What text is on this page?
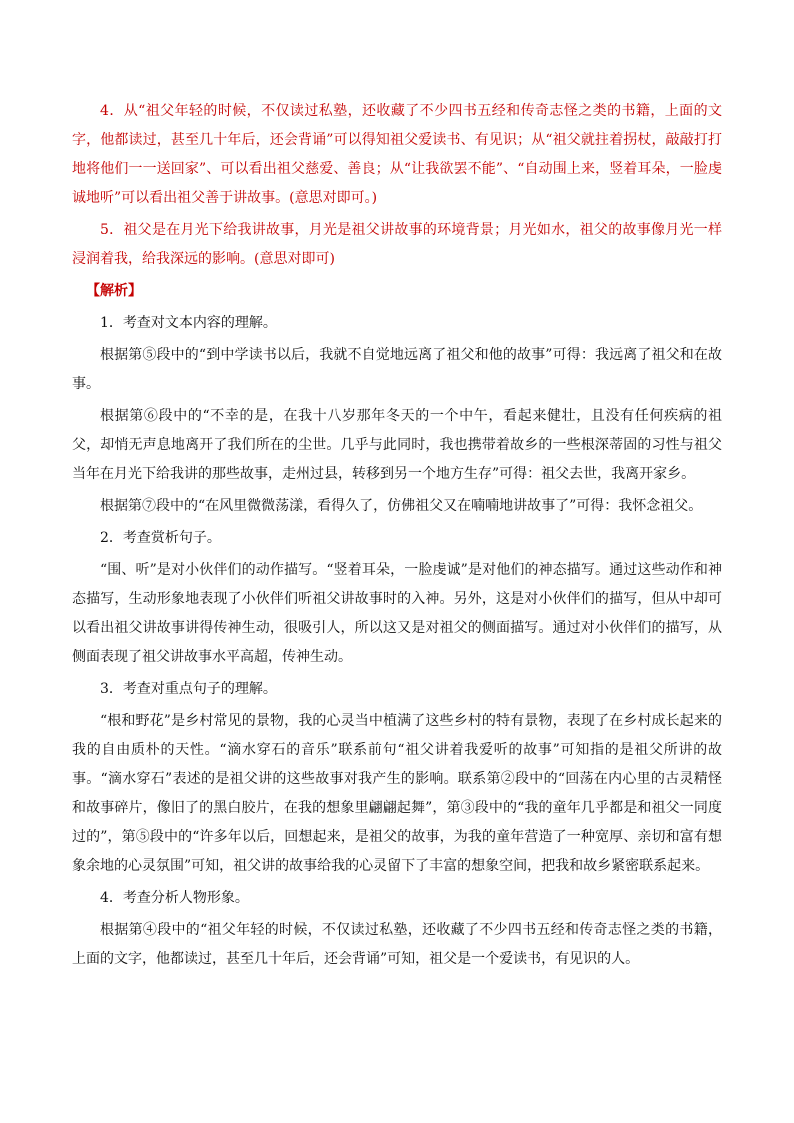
4．从“祖父年轻的时候，不仅读过私塾，还收藏了不少四书五经和传奇志怪之类的书籍，上面的文字，他都读过，甚至几十年后，还会背诵”可以得知祖父爱读书、有见识；从“祖父就拄着拐杖，敲敲打打地将他们一一送回家”、可以看出祖父慈爱、善良；从“让我欲罢不能”、“自动围上来，竖着耳朵，一脸虔诚地听”可以看出祖父善于讲故事。(意思对即可。)

5．祖父是在月光下给我讲故事，月光是祖父讲故事的环境背景；月光如水，祖父的故事像月光一样浸润着我，给我深远的影响。(意思对即可)

【解析】

1．考查对文本内容的理解。

根据第⑤段中的“到中学读书以后，我就不自觉地远离了祖父和他的故事”可得：我远离了祖父和在故事。

根据第⑥段中的“不幸的是，在我十八岁那年冬天的一个中午，看起来健壮，且没有任何疾病的祖父，却悄无声息地离开了我们所在的尘世。几乎与此同时，我也携带着故乡的一些根深蒂固的习性与祖父当年在月光下给我讲的那些故事，走州过县，转移到另一个地方生存”可得：祖父去世，我离开家乡。

根据第⑦段中的“在风里微微荡漾，看得久了，仿佛祖父又在喃喃地讲故事了”可得：我怀念祖父。

2．考查赏析句子。

“围、听”是对小伙伴们的动作描写。“竖着耳朵，一脸虔诚”是对他们的神态描写。通过这些动作和神态描写，生动形象地表现了小伙伴们听祖父讲故事时的入神。另外，这是对小伙伴们的描写，但从中却可以看出祖父讲故事讲得传神生动，很吸引人，所以这又是对祖父的侧面描写。通过对小伙伴们的描写，从侧面表现了祖父讲故事水平高超，传神生动。

3．考查对重点句子的理解。

“根和野花”是乡村常见的景物，我的心灵当中植满了这些乡村的特有景物，表现了在乡村成长起来的我的自由质朴的天性。“滴水穿石的音乐”联系前句“祖父讲着我爱听的故事”可知指的是祖父所讲的故事。“滴水穿石”表述的是祖父讲的这些故事对我产生的影响。联系第②段中的“回荡在内心里的古灵精怪和故事碎片，像旧了的黑白胶片，在我的想象里翩翩起舞”，第③段中的“我的童年几乎都是和祖父一同度过的”，第⑤段中的“许多年以后，回想起来，是祖父的故事，为我的童年营造了一种宽厚、亲切和富有想象余地的心灵氛围”可知，祖父讲的故事给我的心灵留下了丰富的想象空间，把我和故乡紧密联系起来。

4．考查分析人物形象。

根据第④段中的“祖父年轻的时候，不仅读过私塾，还收藏了不少四书五经和传奇志怪之类的书籍，上面的文字，他都读过，甚至几十年后，还会背诵”可知，祖父是一个爱读书，有见识的人。
